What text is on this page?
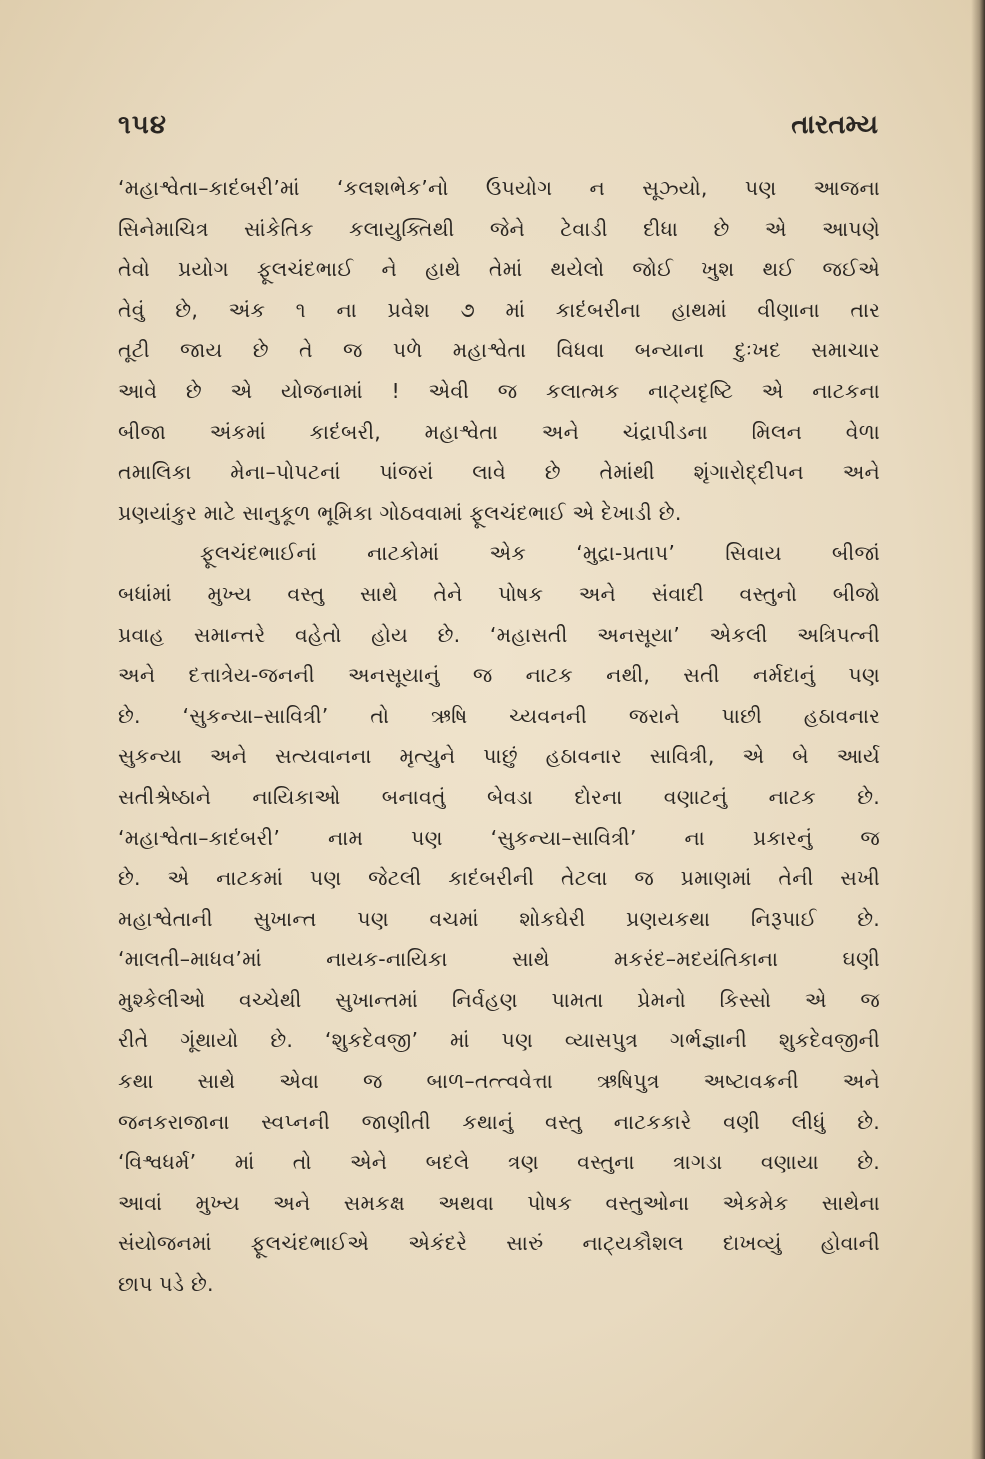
૧૫૪	તારતમ્ય
‘મહાશ્વેતા–કાદંબરી’માં ‘કલશભેક’નો ઉપયોગ ન સૂઝ્યો, પણ આજના
સિનેમાચિત્ર સાંકેતિક કલાયુક્તિથી જેને ટેવાડી દીધા છે એ આપણે
તેવો પ્રયોગ ફૂલચંદભાઈ ને હાથે તેમાં થયેલો જોઈ ખુશ થઈ જઈએ
તેવું છે, અંક ૧ ના પ્રવેશ ૭ માં કાદંબરીના હાથમાં વીણાના તાર
તૂટી જાય છે તે જ પળે મહાશ્વેતા વિધવા બન્યાના દુઃખદ સમાચાર
આવે છે એ યોજનામાં ! એવી જ કલાત્મક નાટ્યદૃષ્ટિ એ નાટકના
બીજા અંકમાં કાદંબરી, મહાશ્વેતા અને ચંદ્રાપીડના મિલન વેળા
તમાલિકા મેના–પોપટનાં પાંજરાં લાવે છે તેમાંથી શૃંગારોદ્દીપન અને
પ્રણયાંકુર માટે સાનુકૂળ ભૂમિકા ગોઠવવામાં ફૂલચંદભાઈ એ દેખાડી છે.
ફૂલચંદભાઈનાં નાટકોમાં એક ‘મુદ્રા-પ્રતાપ’ સિવાય બીજાં
બધાંમાં મુખ્ય વસ્તુ સાથે તેને પોષક અને સંવાદી વસ્તુનો બીજો
પ્રવાહ સમાન્તરે વહેતો હોય છે. ‘મહાસતી અનસૂયા’ એકલી અત્રિપત્ની
અને દત્તાત્રેય-જનની અનસૂયાનું જ નાટક નથી, સતી નર્મદાનું પણ
છે. ‘સુકન્યા–સાવિત્રી’ તો ઋષિ ચ્યવનની જરાને પાછી હઠાવનાર
સુકન્યા અને સત્યવાનના મૃત્યુને પાછું હઠાવનાર સાવિત્રી, એ બે આર્ય
સતીશ્રેષ્ઠાને નાયિકાઓ બનાવતું બેવડા દોરના વણાટનું નાટક છે.
‘મહાશ્વેતા–કાદંબરી’ નામ પણ ‘સુકન્યા–સાવિત્રી’ ના પ્રકારનું જ
છે. એ નાટકમાં પણ જેટલી કાદંબરીની તેટલા જ પ્રમાણમાં તેની સખી
મહાશ્વેતાની સુખાન્ત પણ વચમાં શોકઘેરી પ્રણયકથા નિરૂપાઈ છે.
‘માલતી–માધવ’માં નાયક-નાયિકા સાથે મકરંદ–મદયંતિકાના ઘણી
મુશ્કેલીઓ વચ્ચેથી સુખાન્તમાં નિર્વહણ પામતા પ્રેમનો કિસ્સો એ જ
રીતે ગૂંથાયો છે. ‘શુકદેવજી’ માં પણ વ્યાસપુત્ર ગર્ભજ્ઞાની શુકદેવજીની
કથા સાથે એવા જ બાળ–તત્ત્વવેત્તા ઋષિપુત્ર અષ્ટાવક્રની અને
જનકરાજાના સ્વપ્નની જાણીતી કથાનું વસ્તુ નાટકકારે વણી લીધું છે.
‘વિશ્વધર્મ’ માં તો એને બદલે ત્રણ વસ્તુના ત્રાગડા વણાયા છે.
આવાં મુખ્ય અને સમકક્ષ અથવા પોષક વસ્તુઓના એકમેક સાથેના
સંયોજનમાં ફૂલચંદભાઈએ એકંદરે સારું નાટ્યકૌશલ દાખવ્યું હોવાની
છાપ પડે છે.
